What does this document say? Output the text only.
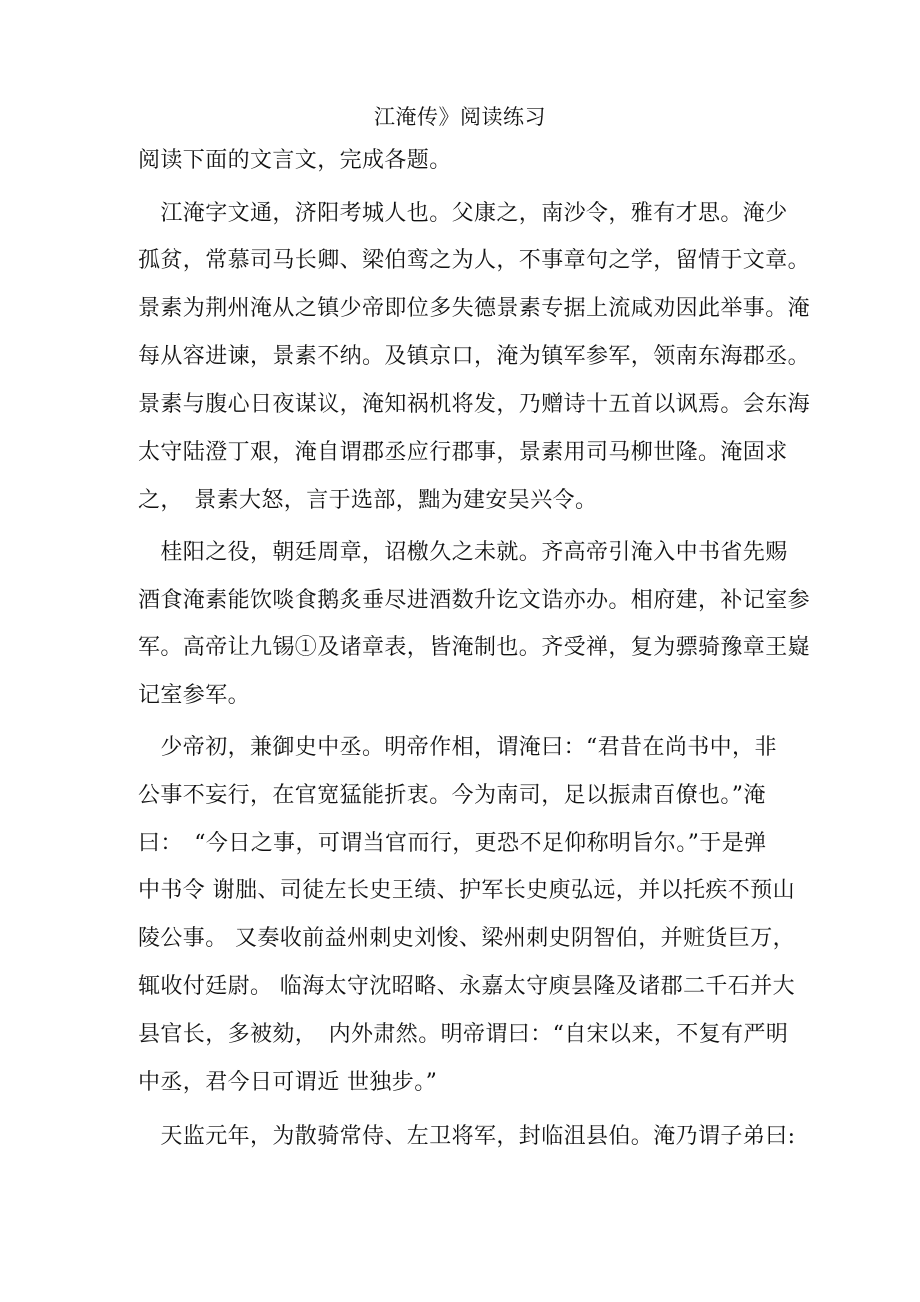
江淹传》阅读练习
阅读下面的文言文，完成各题。
　江淹字文通，济阳考城人也。父康之，南沙令，雅有才思。淹少
孤贫，常慕司马长卿、梁伯鸾之为人，不事章句之学，留情于文章。
景素为荆州淹从之镇少帝即位多失德景素专据上流咸劝因此举事。淹
每从容进谏，景素不纳。及镇京口，淹为镇军参军，领南东海郡丞。
景素与腹心日夜谋议，淹知祸机将发，乃赠诗十五首以讽焉。会东海
太守陆澄丁艰，淹自谓郡丞应行郡事，景素用司马柳世隆。淹固求
之，　景素大怒，言于选部，黜为建安吴兴令。
　桂阳之役，朝廷周章，诏檄久之未就。齐高帝引淹入中书省先赐
酒食淹素能饮啖食鹅炙垂尽进酒数升讫文诰亦办。相府建，补记室参
军。高帝让九锡①及诸章表，皆淹制也。齐受禅，复为骠骑豫章王嶷
记室参军。
　少帝初，兼御史中丞。明帝作相，谓淹曰：“君昔在尚书中，非
公事不妄行，在官宽猛能折衷。今为南司，足以振肃百僚也。”淹
曰：　“今日之事，可谓当官而行，更恐不足仰称明旨尔。”于是弹
中书令 谢朏、司徒左长史王绩、护军长史庾弘远，并以托疾不预山
陵公事。 又奏收前益州刺史刘悛、梁州刺史阴智伯，并赃货巨万，
辄收付廷尉。 临海太守沈昭略、永嘉太守庾昙隆及诸郡二千石并大
县官长，多被劾，　内外肃然。明帝谓曰：“自宋以来，不复有严明
中丞，君今日可谓近 世独步。”
　天监元年，为散骑常侍、左卫将军，封临沮县伯。淹乃谓子弟曰:
